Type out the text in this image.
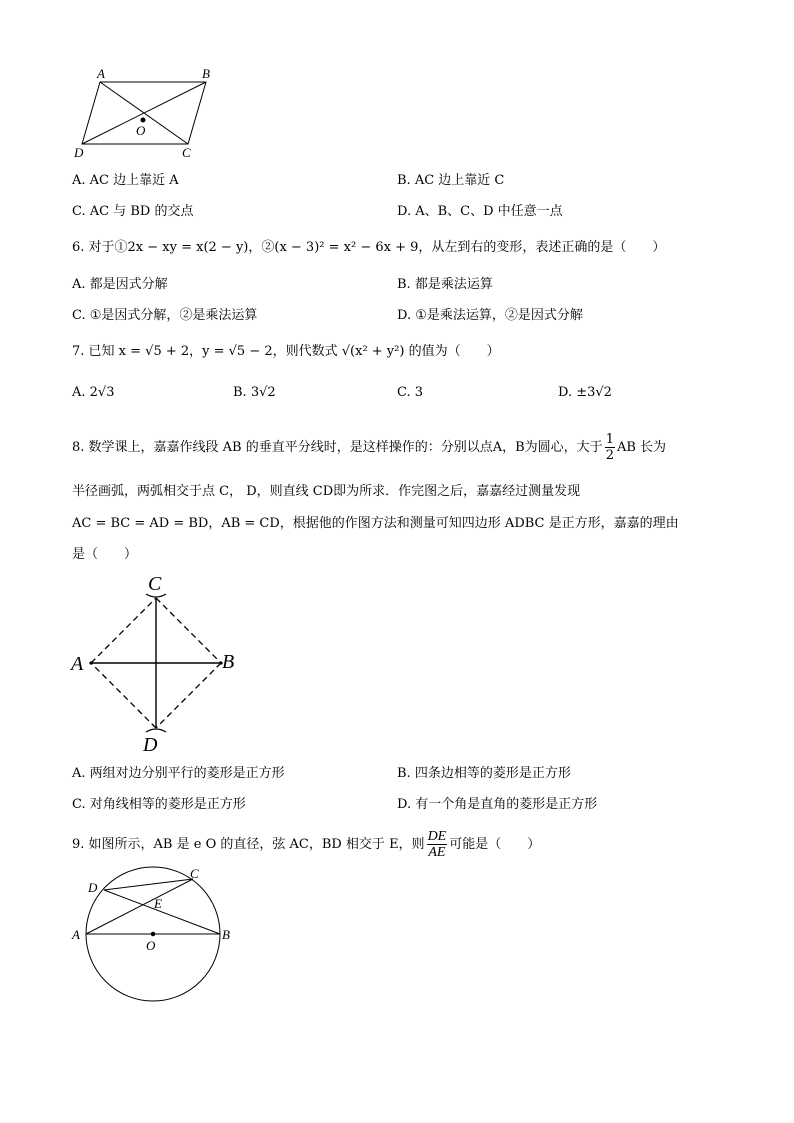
A	B
C
D
O
A. AC 边上靠近 A	B. AC 边上靠近 C
C. AC 与 BD 的交点	D. A、B、C、D 中任意一点
6. 对于①2x − xy = x(2 − y)，②(x − 3)² = x² − 6x + 9，从左到右的变形，表述正确的是（　　）
A. 都是因式分解	B. 都是乘法运算
C. ①是因式分解，②是乘法运算	D. ①是乘法运算，②是因式分解
7. 已知 x = √5 + 2，y = √5 − 2，则代数式 √(x² + y²) 的值为（　　）
A. 2√3	B. 3√2	C. 3	D. ±3√2
8. 数学课上，嘉嘉作线段 AB 的垂直平分线时，是这样操作的：分别以点A，B为圆心，大于 $\frac{1}{2}$ AB 长为
半径画弧，两弧相交于点 C， D，则直线 CD即为所求．作完图之后，嘉嘉经过测量发现
AC = BC = AD = BD，AB = CD，根据他的作图方法和测量可知四边形 ADBC 是正方形，嘉嘉的理由
是（　　）
C
A	B
D
A. 两组对边分别平行的菱形是正方形	B. 四条边相等的菱形是正方形
C. 对角线相等的菱形是正方形	D. 有一个角是直角的菱形是正方形
9. 如图所示，AB 是 e O 的直径，弦 AC，BD 相交于 E，则 $\frac{DE}{AE}$ 可能是（　　）
D
C
E
A	B
O
